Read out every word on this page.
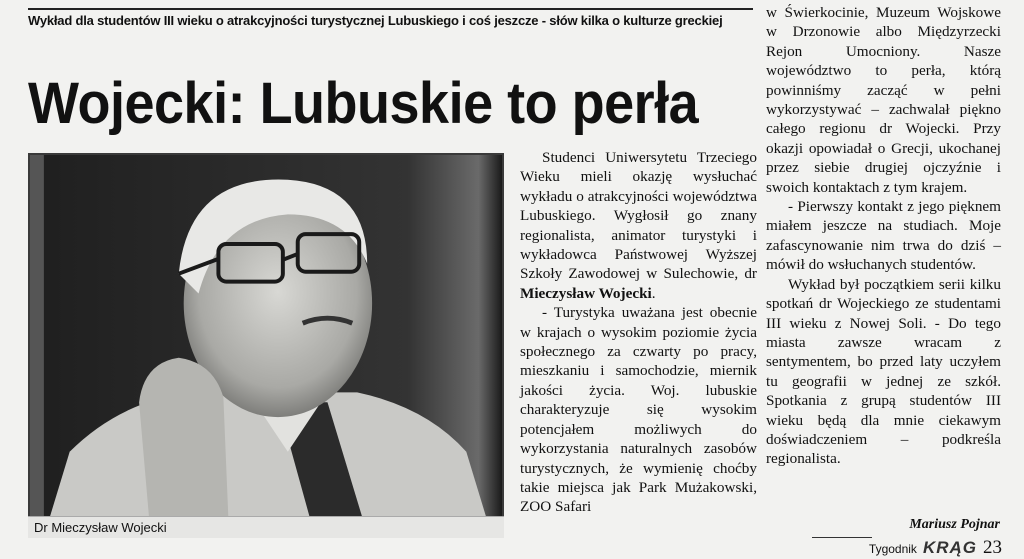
Wykład dla studentów III wieku o atrakcyjności turystycznej Lubuskiego i coś jeszcze - słów kilka o kulturze greckiej
Wojecki: Lubuskie to perła
Dr Mieczysław Wojecki

Studenci Uniwersytetu Trzeciego Wieku mieli okazję wysłuchać wykładu o atrakcyjności województwa Lubuskiego. Wygłosił go znany regionalista, animator turystyki i wykładowca Państwowej Wyższej Szkoły Zawodowej w Sulechowie, dr Mieczysław Wojecki.

- Turystyka uważana jest obecnie w krajach o wysokim poziomie życia społecznego za czwarty po pracy, mieszkaniu i samochodzie, miernik jakości życia. Woj. lubuskie charakteryzuje się wysokim potencjałem możliwych do wykorzystania naturalnych zasobów turystycznych, że wymienię choćby takie miejsca jak Park Mużakowski, ZOO Safari

w Świerkocinie, Muzeum Wojskowe w Drzonowie albo Międzyrzecki Rejon Umocniony. Nasze województwo to perła, którą powinniśmy zacząć w pełni wykorzystywać – zachwalał piękno całego regionu dr Wojecki. Przy okazji opowiadał o Grecji, ukochanej przez siebie drugiej ojczyźnie i swoich kontaktach z tym krajem.

- Pierwszy kontakt z jego pięknem miałem jeszcze na studiach. Moje zafascynowanie nim trwa do dziś – mówił do wsłuchanych studentów.

Wykład był początkiem serii kilku spotkań dr Wojeckiego ze studentami III wieku z Nowej Soli. - Do tego miasta zawsze wracam z sentymentem, bo przed laty uczyłem tu geografii w jednej ze szkół. Spotkania z grupą studentów III wieku będą dla mnie ciekawym doświadczeniem – podkreśla regionalista.

Mariusz Pojnar
Tygodnik KRĄG 23
